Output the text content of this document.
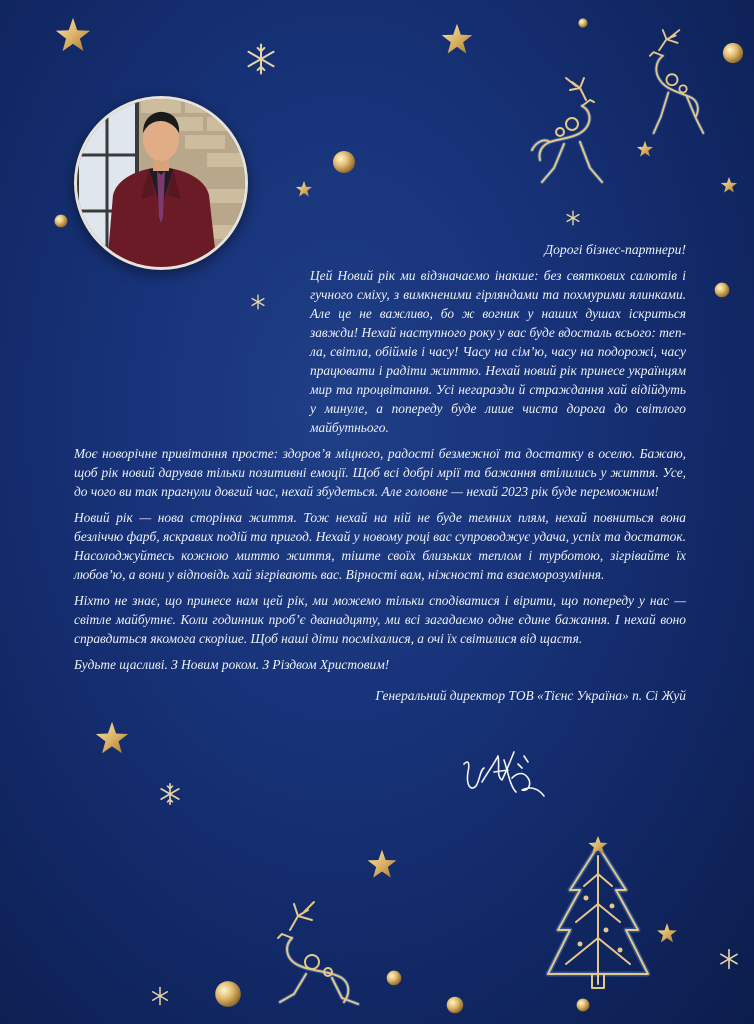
Дорогі бізнес-партнери!

Цей Новий рік ми відзначаємо інакше: без святкових салютів і гучного сміху, з вимкненими гірляндами та похмурими ялинками. Але це не важливо, бо ж вогник у наших душах іскриться завжди! Нехай наступного року у вас буде вдосталь всього: тепла, світла, обіймів і часу! Часу на сім’ю, часу на подорожі, часу працювати і радіти життю. Нехай новий рік принесе українцям мир та процвітання. Усі негаразди й страждання хай відійдуть у минуле, а попереду буде лише чиста дорога до світлого майбутнього.

Моє новорічне привітання просте: здоров’я міцного, радості безмежної та достатку в оселю. Бажаю, щоб рік новий дарував тільки позитивні емоції. Щоб всі добрі мрії та бажання втілились у життя. Усе, до чого ви так прагнули довгий час, нехай збудеться. Але головне — нехай 2023 рік буде переможним!

Новий рік — нова сторінка життя. Тож нехай на ній не буде темних плям, нехай повниться вона безліччю фарб, яскравих подій та пригод. Нехай у новому році вас супроводжує удача, успіх та достаток. Насолоджуйтесь кожною миттю життя, тіште своїх близьких теплом і турботою, зігрівайте їх любов’ю, а вони у відповідь хай зігрівають вас. Вірності вам, ніжності та взаєморозуміння.

Ніхто не знає, що принесе нам цей рік, ми можемо тільки сподіватися і вірити, що попереду у нас — світле майбутнє. Коли годинник проб’є дванадцяту, ми всі загадаємо одне єдине бажання. І нехай воно справдиться якомога скоріше. Щоб наші діти посміхалися, а очі їх світилися від щастя.

Будьте щасливі. З Новим роком. З Різдвом Христовим!

Генеральний директор ТОВ «Тієнс Україна» п. Сі Жуй
